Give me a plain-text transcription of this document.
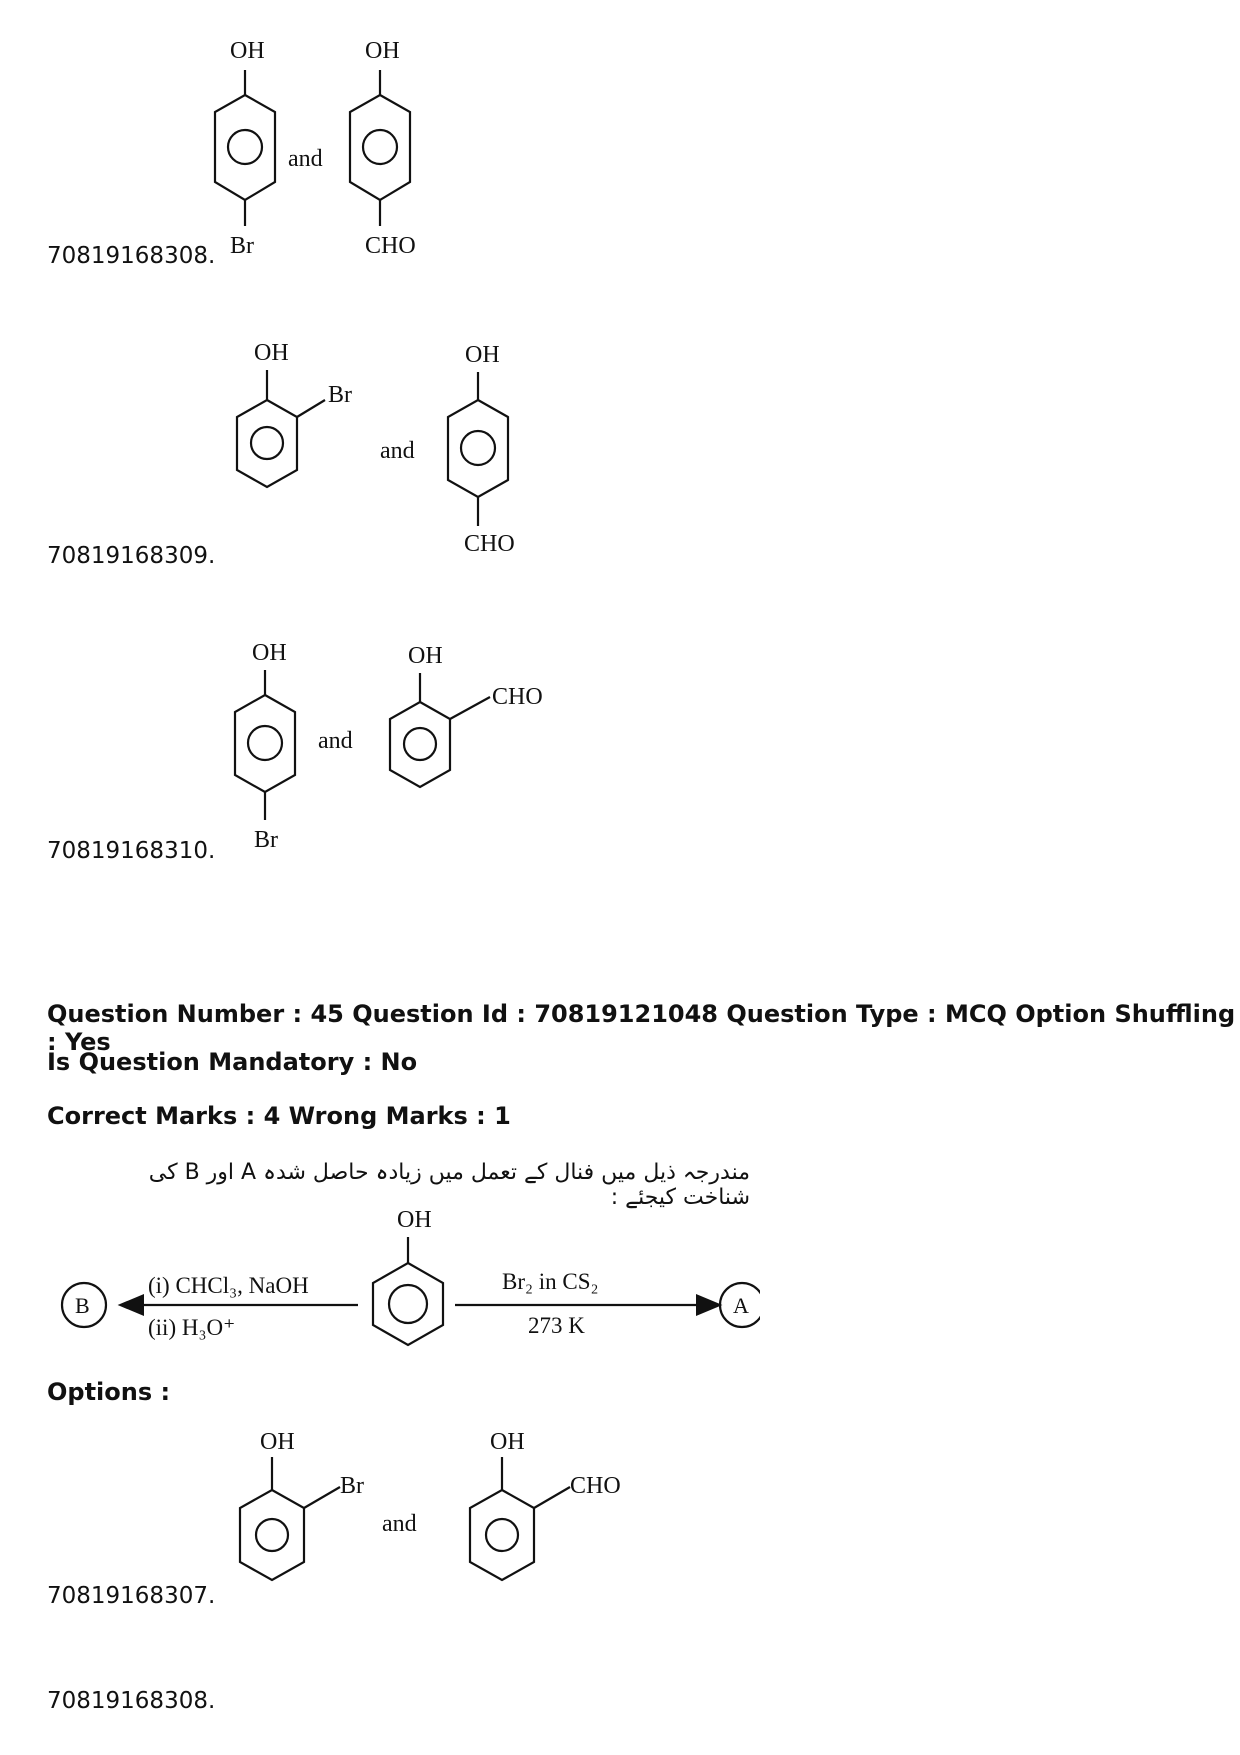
OH
Br
and
OH
CHO
70819168308.
OH
Br
and
OH
CHO
70819168309.
OH
Br
and
OH
CHO
70819168310.
Question Number : 45 Question Id : 70819121048 Question Type : MCQ Option Shuffling : Yes
Is Question Mandatory : No
Correct Marks : 4 Wrong Marks : 1
مندرجہ ذیل میں فنال کے تعمل میں زیادہ حاصل شدہ A اور B کی شناخت کیجئے :
B
(i) CHCl₃, NaOH
(ii) H₃O⁺
OH
Br₂ in CS₂
273 K
A
Options :
OH
Br
and
OH
CHO
70819168307.
70819168308.
